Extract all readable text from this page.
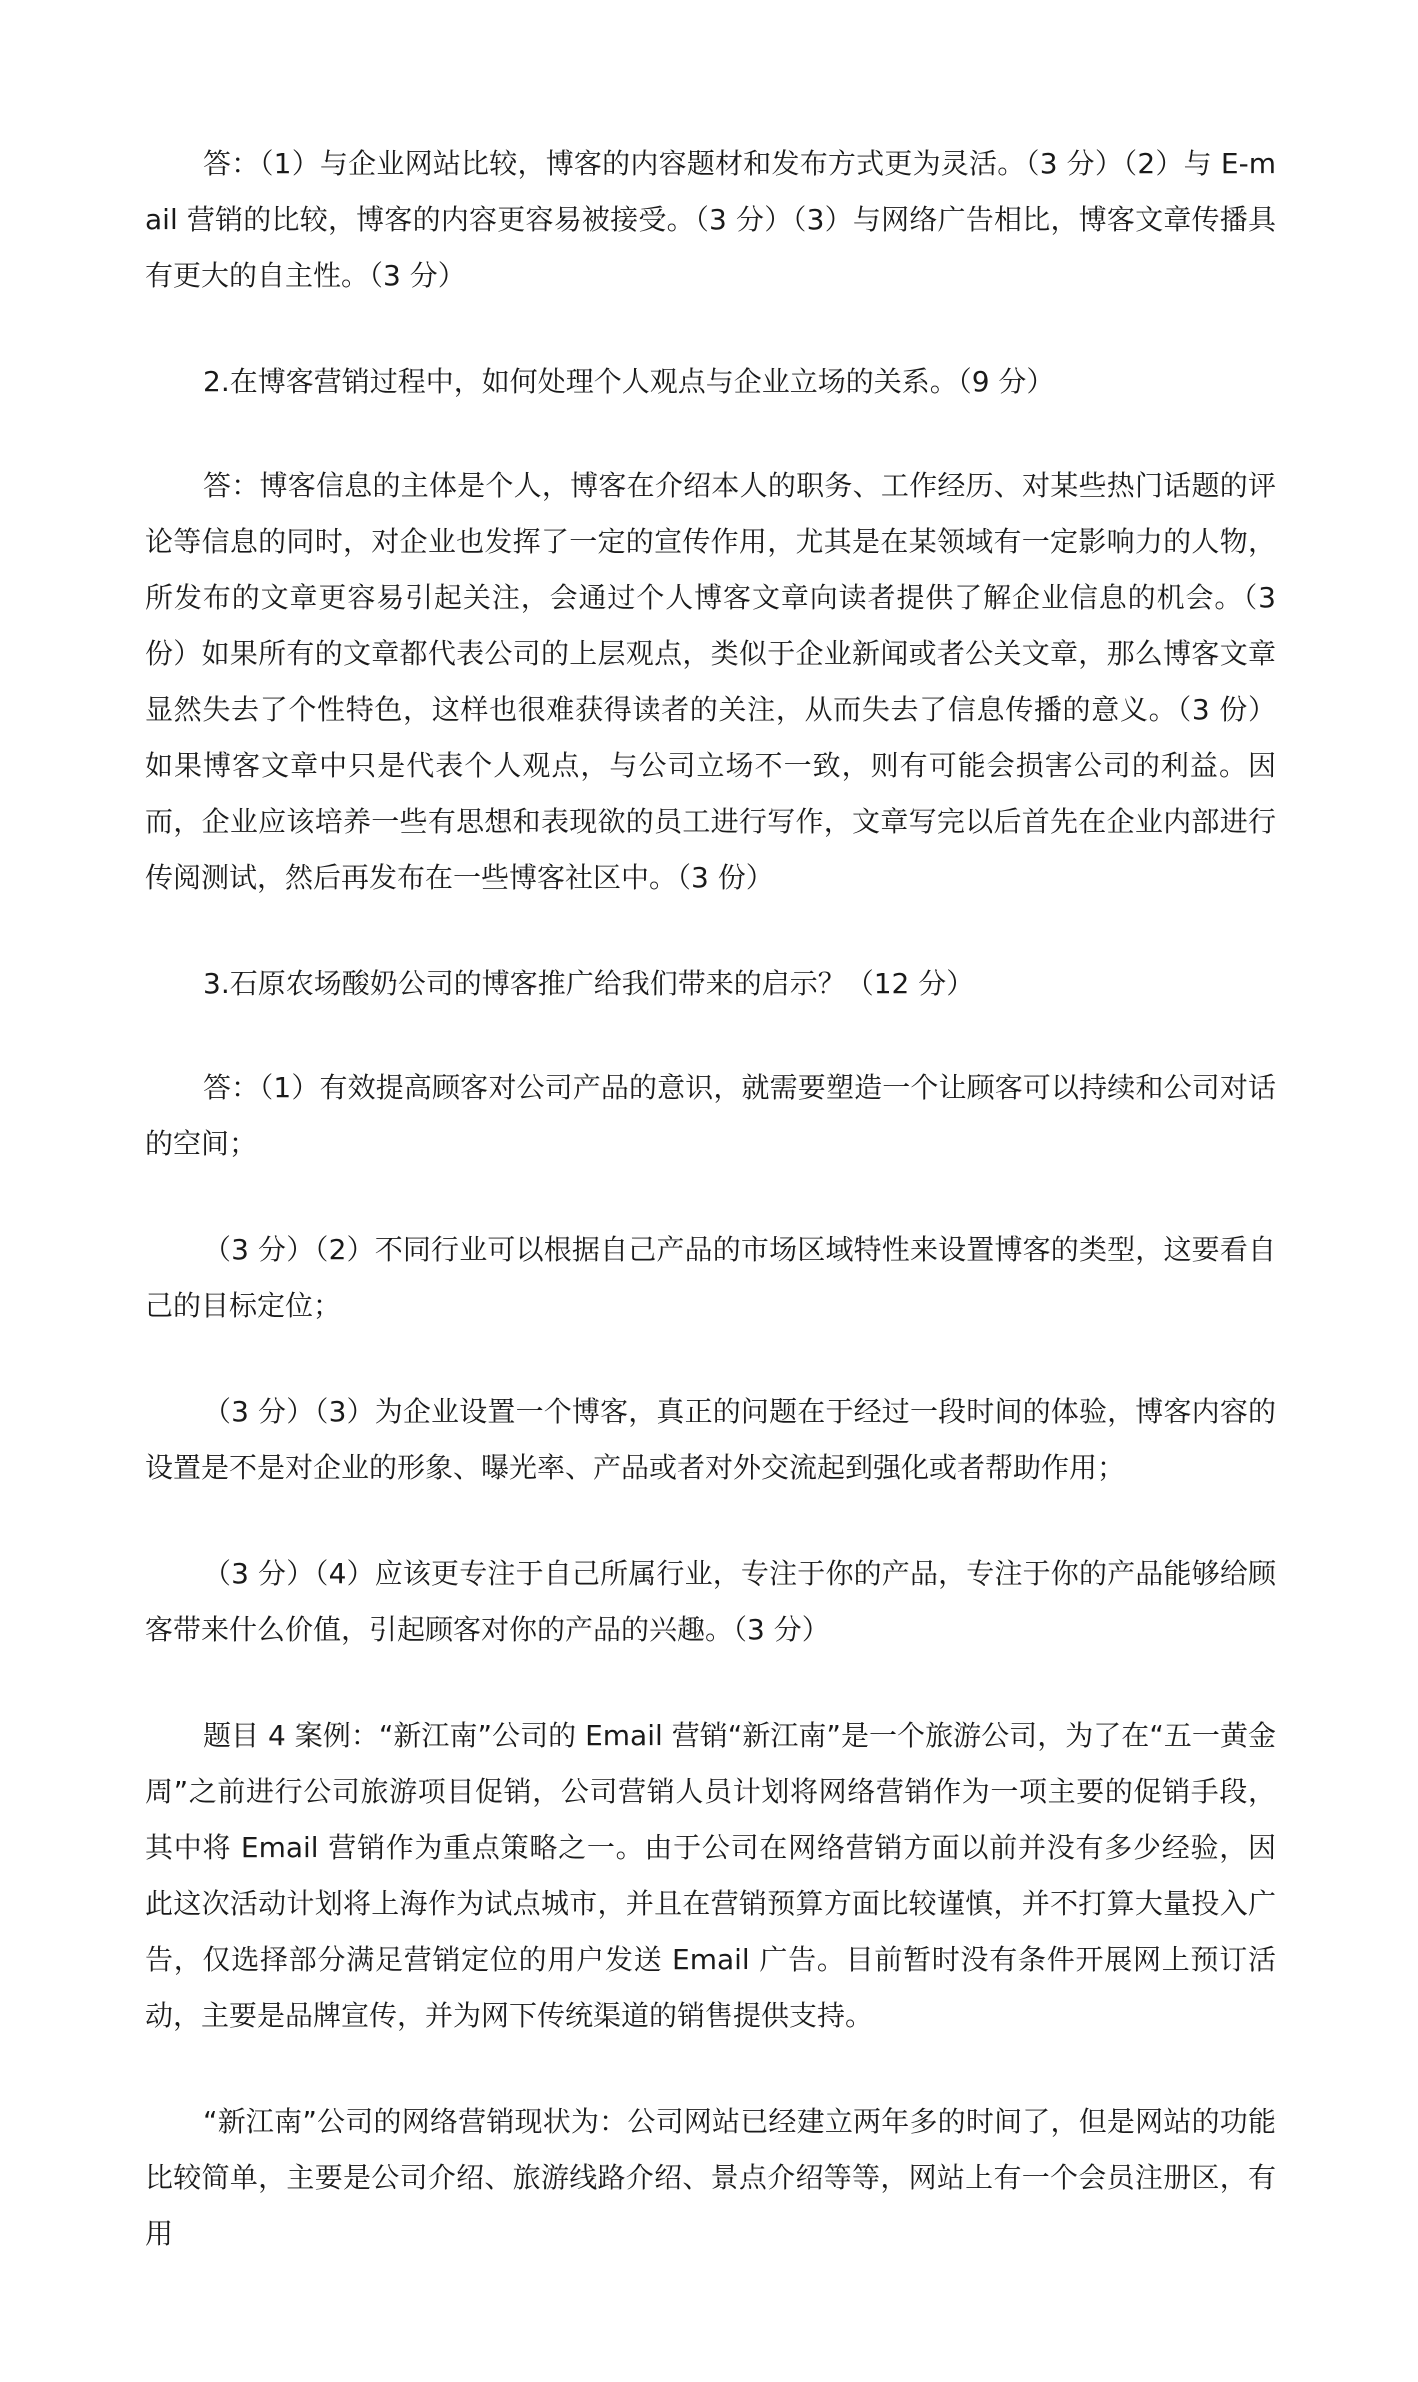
答：（1）与企业网站比较，博客的内容题材和发布方式更为灵活。（3 分）（2）与 E-mail 营销的比较，博客的内容更容易被接受。（3 分）（3）与网络广告相比，博客文章传播具有更大的自主性。（3 分）

2.在博客营销过程中，如何处理个人观点与企业立场的关系。（9 分）

答：博客信息的主体是个人，博客在介绍本人的职务、工作经历、对某些热门话题的评论等信息的同时，对企业也发挥了一定的宣传作用，尤其是在某领域有一定影响力的人物，所发布的文章更容易引起关注，会通过个人博客文章向读者提供了解企业信息的机会。（3 份）如果所有的文章都代表公司的上层观点，类似于企业新闻或者公关文章，那么博客文章显然失去了个性特色，这样也很难获得读者的关注，从而失去了信息传播的意义。（3 份）如果博客文章中只是代表个人观点，与公司立场不一致，则有可能会损害公司的利益。因而，企业应该培养一些有思想和表现欲的员工进行写作，文章写完以后首先在企业内部进行传阅测试，然后再发布在一些博客社区中。（3 份）

3.石原农场酸奶公司的博客推广给我们带来的启示？（12 分）

答：（1）有效提高顾客对公司产品的意识，就需要塑造一个让顾客可以持续和公司对话的空间；

（3 分）（2）不同行业可以根据自己产品的市场区域特性来设置博客的类型，这要看自己的目标定位；

（3 分）（3）为企业设置一个博客，真正的问题在于经过一段时间的体验，博客内容的设置是不是对企业的形象、曝光率、产品或者对外交流起到强化或者帮助作用；

（3 分）（4）应该更专注于自己所属行业，专注于你的产品，专注于你的产品能够给顾客带来什么价值，引起顾客对你的产品的兴趣。（3 分）

题目 4 案例：“新江南”公司的 Email 营销“新江南”是一个旅游公司，为了在“五一黄金周”之前进行公司旅游项目促销，公司营销人员计划将网络营销作为一项主要的促销手段，其中将 Email 营销作为重点策略之一。由于公司在网络营销方面以前并没有多少经验，因此这次活动计划将上海作为试点城市，并且在营销预算方面比较谨慎，并不打算大量投入广告，仅选择部分满足营销定位的用户发送 Email 广告。目前暂时没有条件开展网上预订活动，主要是品牌宣传，并为网下传统渠道的销售提供支持。

“新江南”公司的网络营销现状为：公司网站已经建立两年多的时间了，但是网站的功能比较简单，主要是公司介绍、旅游线路介绍、景点介绍等等，网站上有一个会员注册区，有用
